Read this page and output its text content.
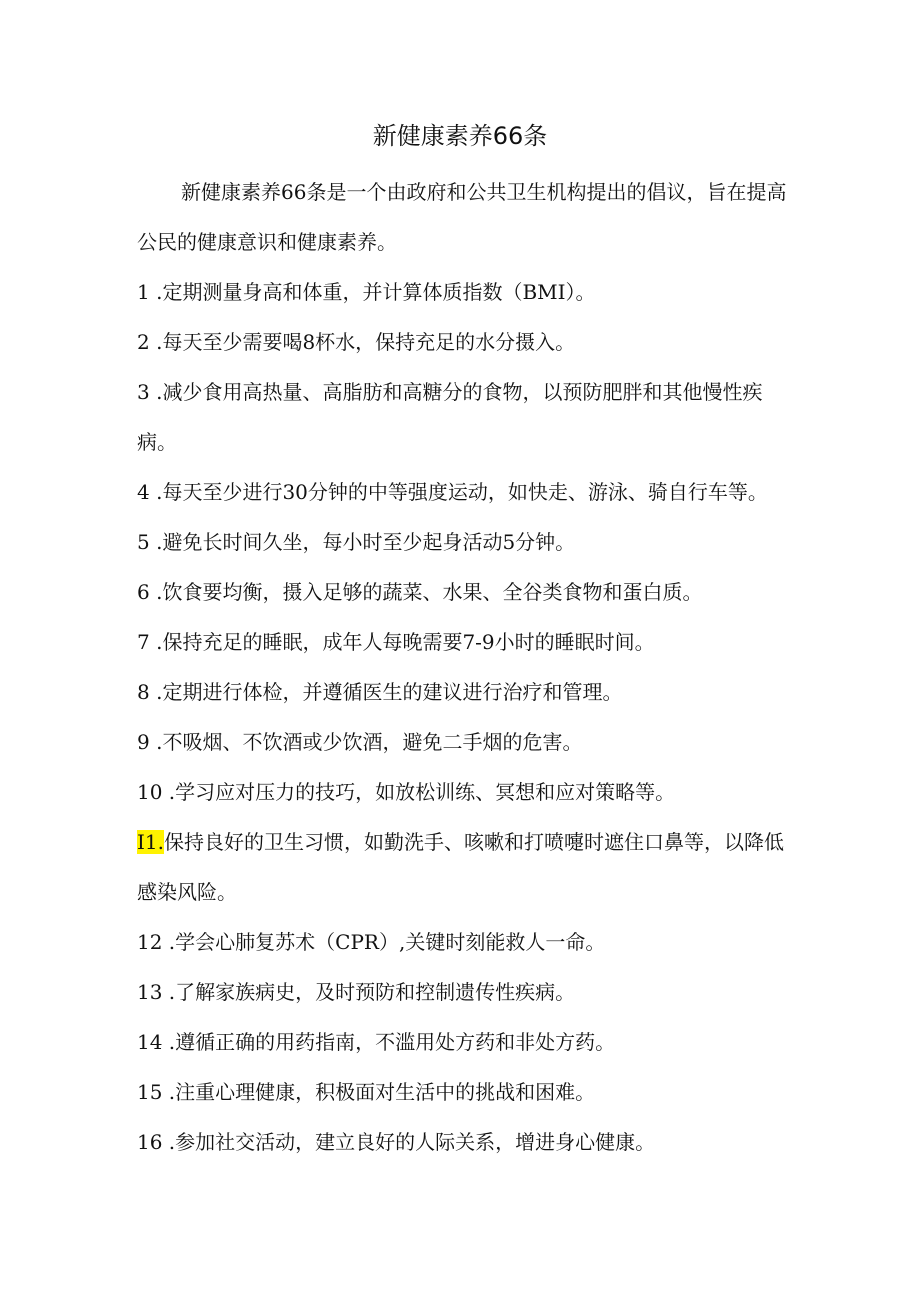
新健康素养66条

新健康素养66条是一个由政府和公共卫生机构提出的倡议，旨在提高公民的健康意识和健康素养。

1 .定期测量身高和体重，并计算体质指数（BMI）。
2 .每天至少需要喝8杯水，保持充足的水分摄入。
3 .减少食用高热量、高脂肪和高糖分的食物，以预防肥胖和其他慢性疾病。
4 .每天至少进行30分钟的中等强度运动，如快走、游泳、骑自行车等。
5 .避免长时间久坐，每小时至少起身活动5分钟。
6 .饮食要均衡，摄入足够的蔬菜、水果、全谷类食物和蛋白质。
7 .保持充足的睡眠，成年人每晚需要7-9小时的睡眠时间。
8 .定期进行体检，并遵循医生的建议进行治疗和管理。
9 .不吸烟、不饮酒或少饮酒，避免二手烟的危害。
10 .学习应对压力的技巧，如放松训练、冥想和应对策略等。
I1.保持良好的卫生习惯，如勤洗手、咳嗽和打喷嚏时遮住口鼻等，以降低感染风险。
12 .学会心肺复苏术（CPR）,关键时刻能救人一命。
13 .了解家族病史，及时预防和控制遗传性疾病。
14 .遵循正确的用药指南，不滥用处方药和非处方药。
15 .注重心理健康，积极面对生活中的挑战和困难。
16 .参加社交活动，建立良好的人际关系，增进身心健康。
